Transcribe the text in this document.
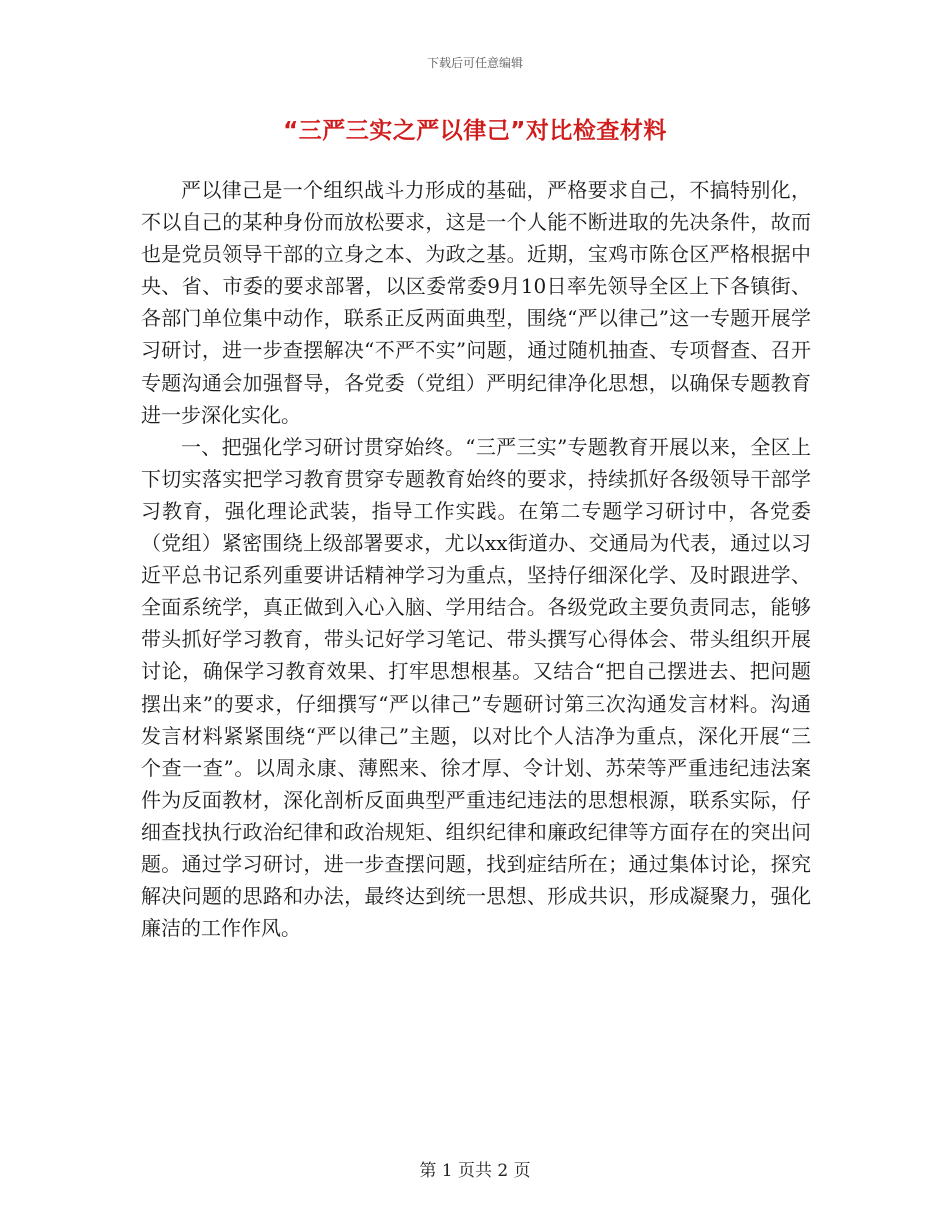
下载后可任意编辑
“三严三实之严以律己”对比检查材料

严以律己是一个组织战斗力形成的基础，严格要求自己，不搞特别化，不以自己的某种身份而放松要求，这是一个人能不断进取的先决条件，故而也是党员领导干部的立身之本、为政之基。近期，宝鸡市陈仓区严格根据中央、省、市委的要求部署，以区委常委9月10日率先领导全区上下各镇街、各部门单位集中动作，联系正反两面典型，围绕“严以律己”这一专题开展学习研讨，进一步查摆解决“不严不实”问题，通过随机抽查、专项督查、召开专题沟通会加强督导，各党委（党组）严明纪律净化思想，以确保专题教育进一步深化实化。

一、把强化学习研讨贯穿始终。“三严三实”专题教育开展以来，全区上下切实落实把学习教育贯穿专题教育始终的要求，持续抓好各级领导干部学习教育，强化理论武装，指导工作实践。在第二专题学习研讨中，各党委（党组）紧密围绕上级部署要求，尤以xx街道办、交通局为代表，通过以习近平总书记系列重要讲话精神学习为重点，坚持仔细深化学、及时跟进学、全面系统学，真正做到入心入脑、学用结合。各级党政主要负责同志，能够带头抓好学习教育，带头记好学习笔记、带头撰写心得体会、带头组织开展讨论，确保学习教育效果、打牢思想根基。又结合“把自己摆进去、把问题摆出来”的要求，仔细撰写“严以律己”专题研讨第三次沟通发言材料。沟通发言材料紧紧围绕“严以律己”主题，以对比个人洁净为重点，深化开展“三个查一查”。以周永康、薄熙来、徐才厚、令计划、苏荣等严重违纪违法案件为反面教材，深化剖析反面典型严重违纪违法的思想根源，联系实际，仔细查找执行政治纪律和政治规矩、组织纪律和廉政纪律等方面存在的突出问题。通过学习研讨，进一步查摆问题，找到症结所在；通过集体讨论，探究解决问题的思路和办法，最终达到统一思想、形成共识，形成凝聚力，强化廉洁的工作作风。

第 1 页共 2 页
